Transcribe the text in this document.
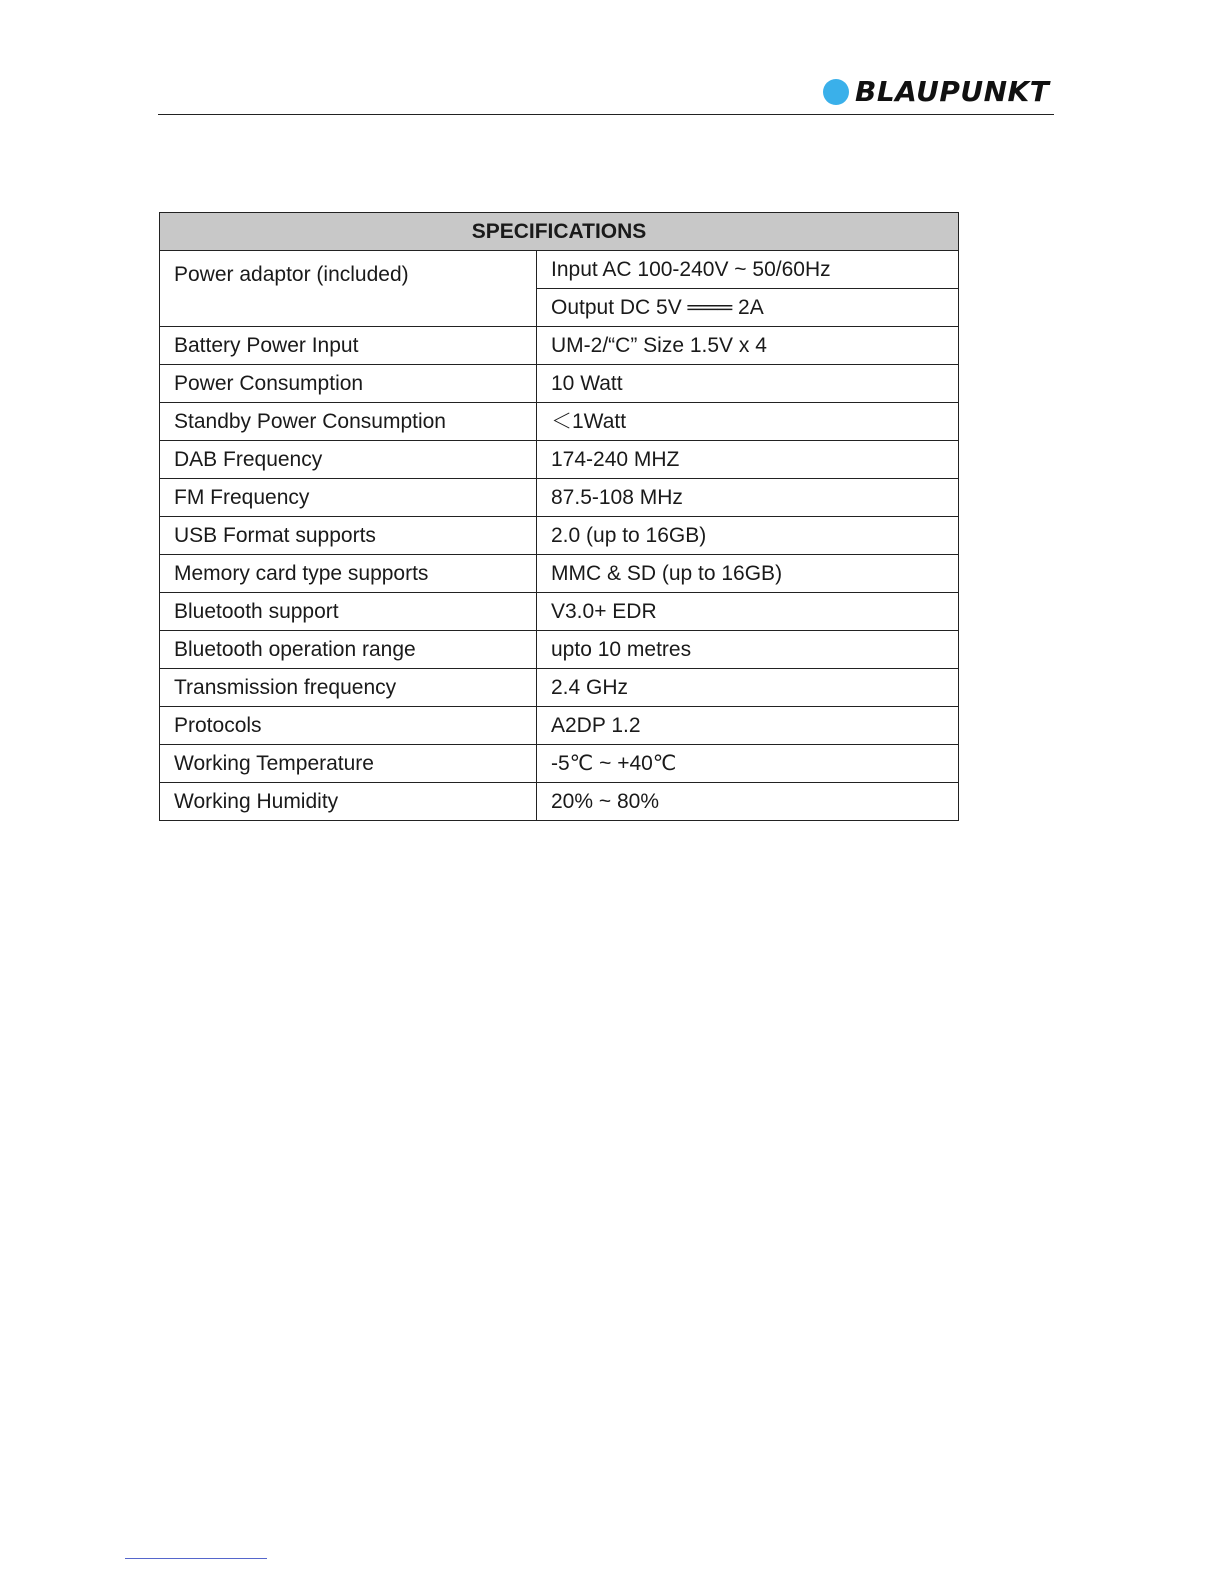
BLAUPUNKT
SPECIFICATIONS	
Power adaptor (included)	Input AC 100-240V ~ 50/60Hz
	Output DC 5V ═══ 2A
Battery Power Input	UM-2/“C” Size 1.5V x 4
Power Consumption	10 Watt
Standby Power Consumption	＜1Watt
DAB Frequency	174-240 MHZ
FM Frequency	87.5-108 MHz
USB Format supports	2.0 (up to 16GB)
Memory card type supports	MMC & SD (up to 16GB)
Bluetooth support	V3.0+ EDR
Bluetooth operation range	upto 10 metres
Transmission frequency	2.4 GHz
Protocols	A2DP 1.2
Working Temperature	-5℃ ~ +40℃
Working Humidity	20% ~ 80%
